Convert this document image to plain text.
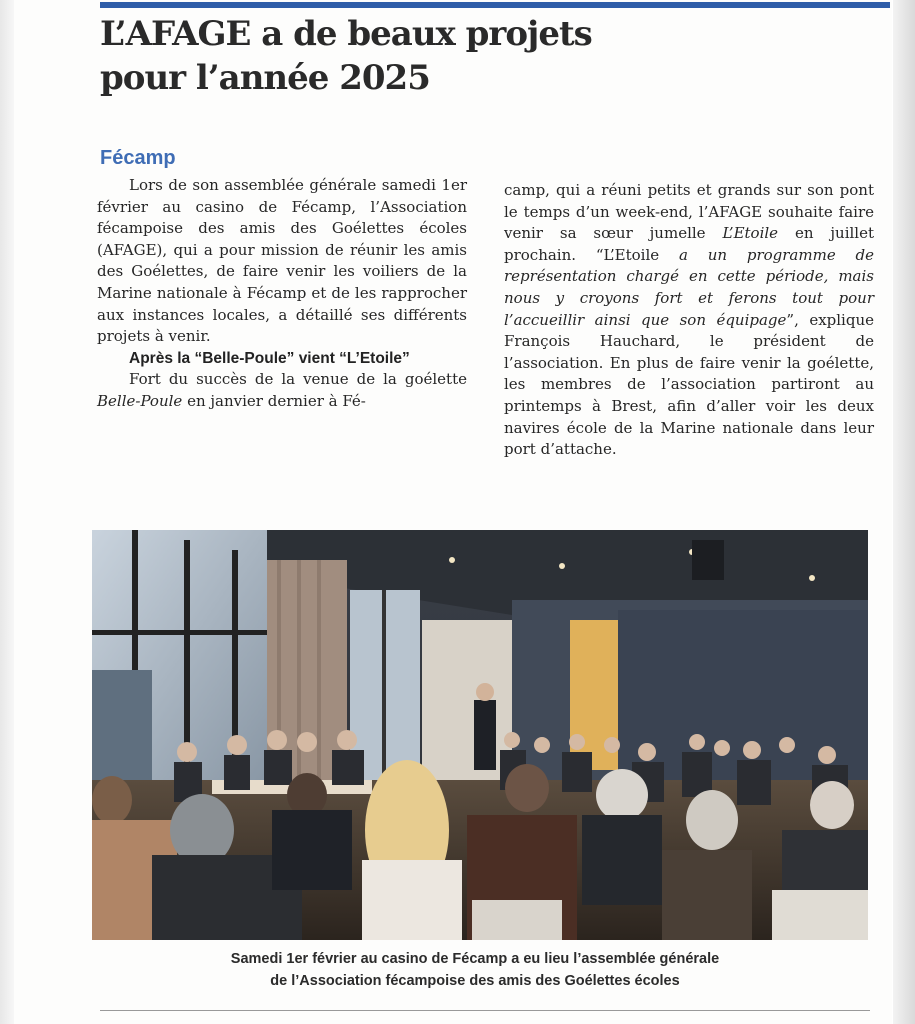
L’AFAGE a de beaux projets
pour l’année 2025
Fécamp

Lors de son assemblée générale samedi 1er février au casino de Fécamp, l’Association fécampoise des amis des Goélettes écoles (AFAGE), qui a pour mission de réunir les amis des Goélettes, de faire venir les voiliers de la Marine nationale à Fécamp et de les rapprocher aux instances locales, a détaillé ses différents projets à venir.

Après la “Belle-Poule” vient “L’Etoile”

Fort du succès de la venue de la goélette Belle-Poule en janvier dernier à Fé-

camp, qui a réuni petits et grands sur son pont le temps d’un week-end, l’AFAGE souhaite faire venir sa sœur jumelle L’Etoile en juillet prochain. “L’Etoile a un programme de représentation chargé en cette période, mais nous y croyons fort et ferons tout pour l’accueillir ainsi que son équipage”, explique François Hauchard, le président de l’association. En plus de faire venir la goélette, les membres de l’association partiront au printemps à Brest, afin d’aller voir les deux navires école de la Marine nationale dans leur port d’attache.

Samedi 1er février au casino de Fécamp a eu lieu l’assemblée générale
de l’Association fécampoise des amis des Goélettes écoles
